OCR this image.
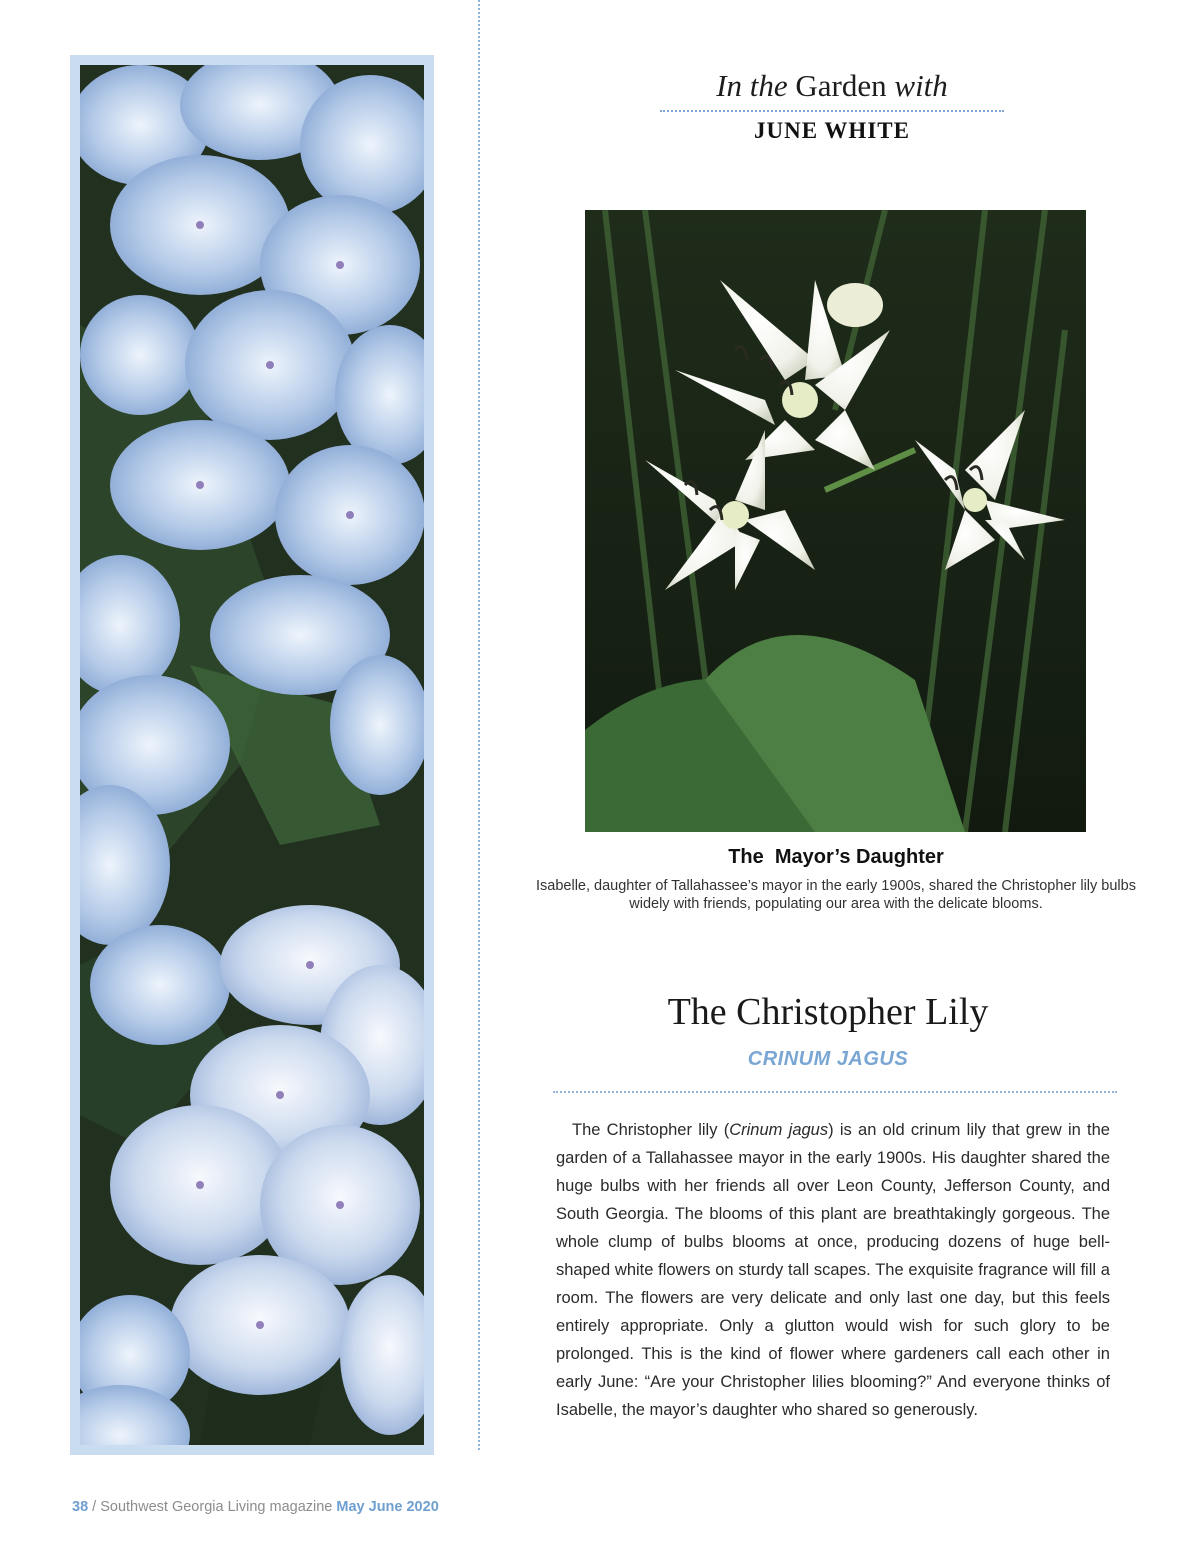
In the Garden with
JUNE WHITE
The  Mayor’s Daughter
Isabelle, daughter of Tallahassee’s mayor in the early 1900s, shared the Christopher lily bulbs widely with friends, populating our area with the delicate blooms.
The Christopher Lily
CRINUM JAGUS

The Christopher lily (Crinum jagus) is an old crinum lily that grew in the garden of a Tallahassee mayor in the early 1900s. His daughter shared the huge bulbs with her friends all over Leon County, Jefferson County, and South Georgia. The blooms of this plant are breathtakingly gorgeous. The whole clump of bulbs blooms at once, producing dozens of huge bell-shaped white flowers on sturdy tall scapes. The exquisite fragrance will fill a room. The flowers are very delicate and only last one day, but this feels entirely appropriate. Only a glutton would wish for such glory to be prolonged. This is the kind of flower where gardeners call each other in early June: “Are your Christopher lilies blooming?” And everyone thinks of Isabelle, the mayor’s daughter who shared so generously.

38 / Southwest Georgia Living magazine May June 2020
